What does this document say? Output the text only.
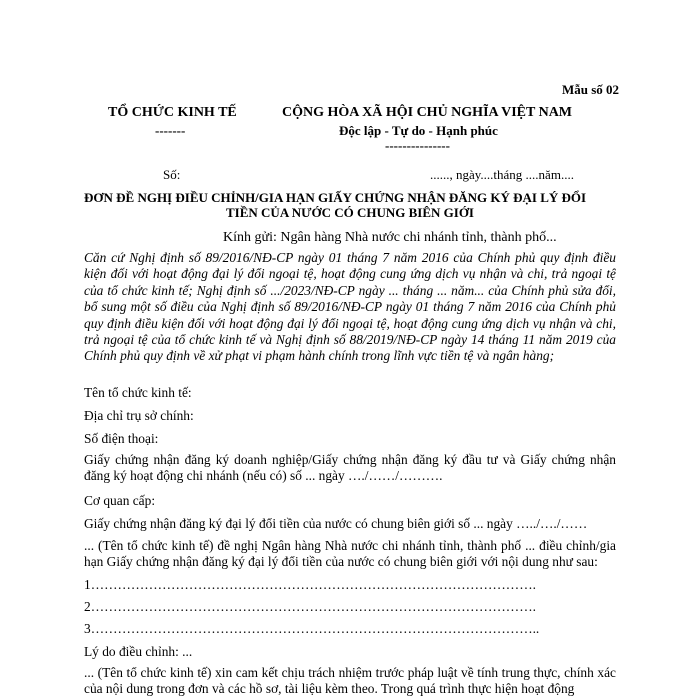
Mẫu số 02
TỔ CHỨC KINH TẾ
-------
CỘNG HÒA XÃ HỘI CHỦ NGHĨA VIỆT NAM
Độc lập - Tự do - Hạnh phúc
---------------
Số:	......, ngày....tháng ....năm....
ĐƠN ĐỀ NGHỊ ĐIỀU CHỈNH/GIA HẠN GIẤY CHỨNG NHẬN ĐĂNG KÝ ĐẠI LÝ ĐỔI
TIỀN CỦA NƯỚC CÓ CHUNG BIÊN GIỚI
Kính gửi: Ngân hàng Nhà nước chi nhánh tỉnh, thành phố...
Căn cứ Nghị định số 89/2016/NĐ-CP ngày 01 tháng 7 năm 2016 của Chính phủ quy định điều kiện đối với hoạt động đại lý đổi ngoại tệ, hoạt động cung ứng dịch vụ nhận và chi, trả ngoại tệ của tổ chức kinh tế; Nghị định số .../2023/NĐ-CP ngày ... tháng ... năm... của Chính phủ sửa đổi, bổ sung một số điều của Nghị định số 89/2016/NĐ-CP ngày 01 tháng 7 năm 2016 của Chính phủ quy định điều kiện đối với hoạt động đại lý đổi ngoại tệ, hoạt động cung ứng dịch vụ nhận và chi, trả ngoại tệ của tổ chức kinh tế và Nghị định số 88/2019/NĐ-CP ngày 14 tháng 11 năm 2019 của Chính phủ quy định về xử phạt vi phạm hành chính trong lĩnh vực tiền tệ và ngân hàng;
Tên tổ chức kinh tế:
Địa chỉ trụ sở chính:
Số điện thoại:
Giấy chứng nhận đăng ký doanh nghiệp/Giấy chứng nhận đăng ký đầu tư và Giấy chứng nhận đăng ký hoạt động chi nhánh (nếu có) số ... ngày …./……/……….
Cơ quan cấp:
Giấy chứng nhận đăng ký đại lý đổi tiền của nước có chung biên giới số ... ngày …../…./……
... (Tên tổ chức kinh tế) đề nghị Ngân hàng Nhà nước chi nhánh tỉnh, thành phố ... điều chỉnh/gia hạn Giấy chứng nhận đăng ký đại lý đổi tiền của nước có chung biên giới với nội dung như sau:
1……………………………………………………………………………………….
2……………………………………………………………………………………….
3………………………………………………………………………………………..
Lý do điều chỉnh: ...
... (Tên tổ chức kinh tế) xin cam kết chịu trách nhiệm trước pháp luật về tính trung thực, chính xác của nội dung trong đơn và các hồ sơ, tài liệu kèm theo. Trong quá trình thực hiện hoạt động
